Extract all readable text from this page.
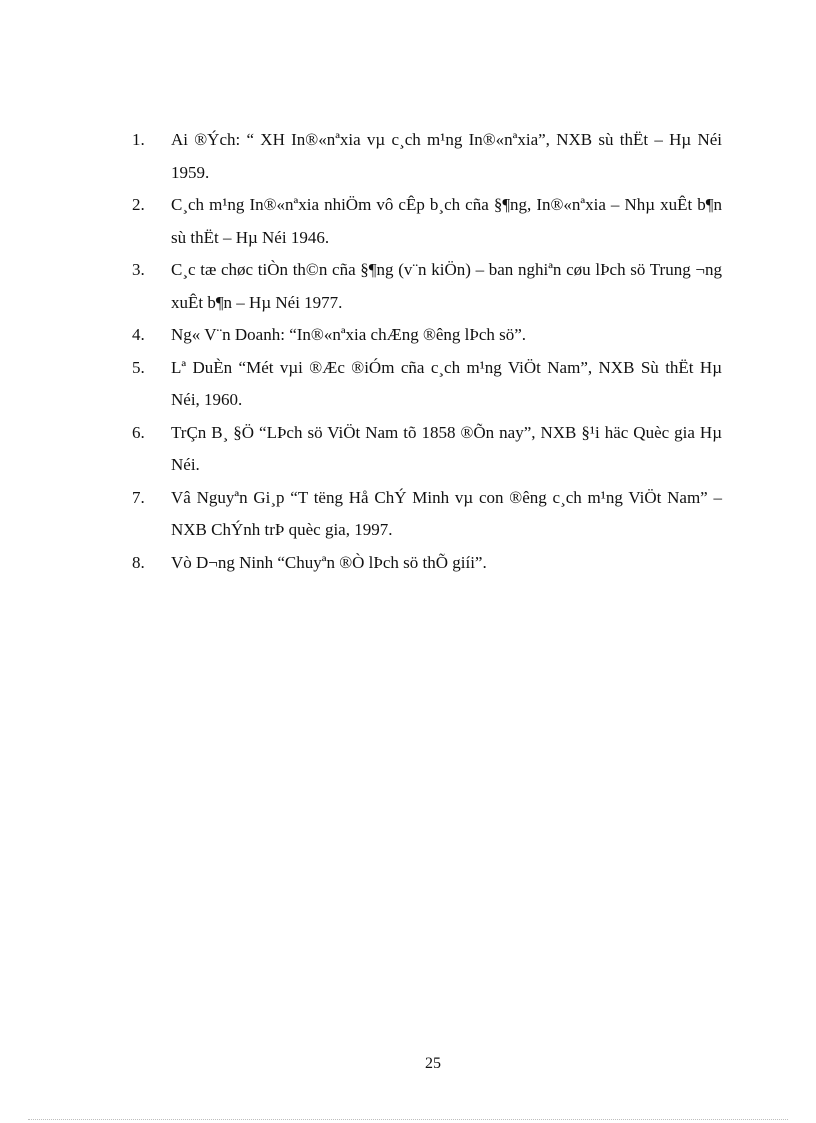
1. Ai ®Ých: “ XH In®«nªxia vµ c¸ch m¹ng In®«nªxia”, NXB sù thËt – Hµ Néi 1959.
2. C¸ch m¹ng In®«nªxia nhiÖm vô cÊp b¸ch cña §¶ng, In®«nªxia – Nhµ xuÊt b¶n sù thËt – Hµ Néi 1946.
3. C¸c tæ chøc tiÒn th©n cña §¶ng (v¨n kiÖn) – ban nghiªn cøu lÞch sö Trung ¬ng xuÊt b¶n – Hµ Néi 1977.
4. Ng« V¨n Doanh: “In®«nªxia chÆng ®êng lÞch sö”.
5. Lª DuÈn “Mét vµi ®Æc ®iÓm cña c¸ch m¹ng ViÖt Nam”, NXB Sù thËt Hµ Néi, 1960.
6. TrÇn B¸ §Ö “LÞch sö ViÖt Nam tõ 1858 ®Õn nay”, NXB §¹i häc Quèc gia Hµ Néi.
7. Vâ Nguyªn Gi¸p “T tëng Hå ChÝ Minh vµ con ®êng c¸ch m¹ng ViÖt Nam” – NXB ChÝnh trÞ quèc gia, 1997.
8. Vò D¬ng Ninh “Chuyªn ®Ò lÞch sö thÕ giíi”.
25
